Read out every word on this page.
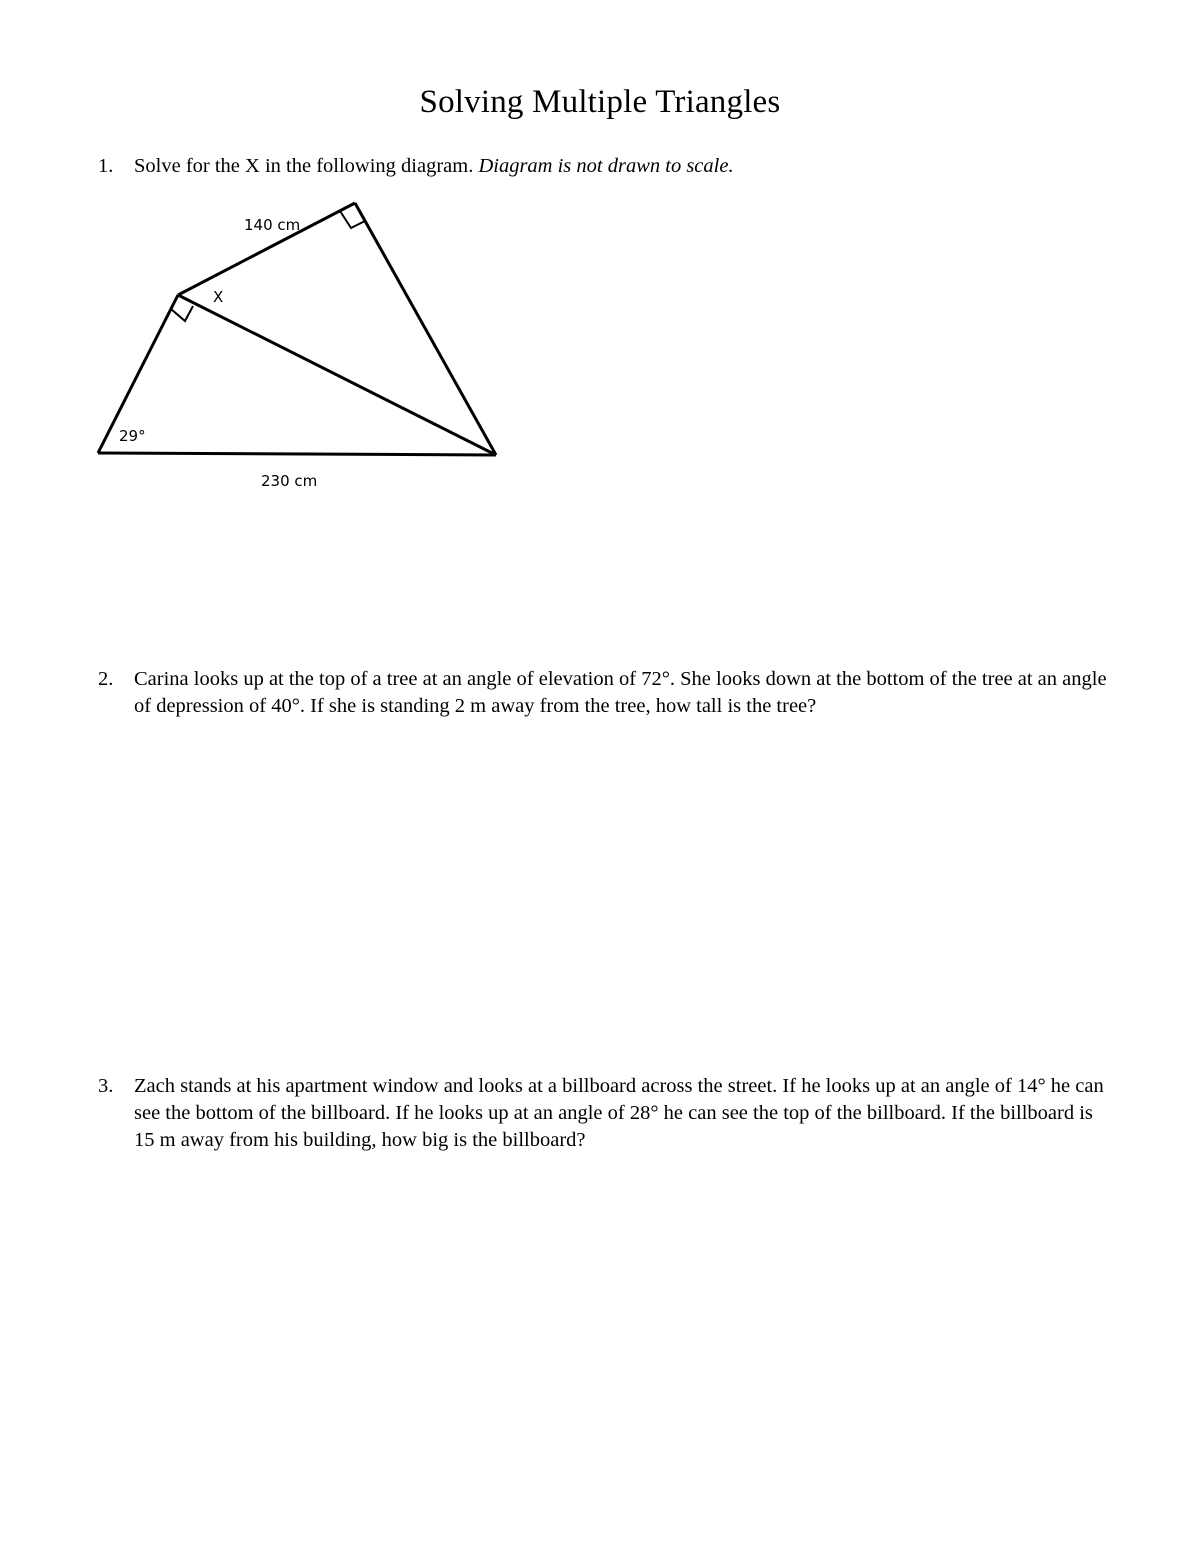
Solving Multiple Triangles
1. Solve for the X in the following diagram. Diagram is not drawn to scale.
140 cm
X
29°
230 cm
2. Carina looks up at the top of a tree at an angle of elevation of 72°. She looks down at the bottom of the tree at an angle of depression of 40°. If she is standing 2 m away from the tree, how tall is the tree?
3. Zach stands at his apartment window and looks at a billboard across the street. If he looks up at an angle of 14° he can see the bottom of the billboard. If he looks up at an angle of 28° he can see the top of the billboard. If the billboard is 15 m away from his building, how big is the billboard?
